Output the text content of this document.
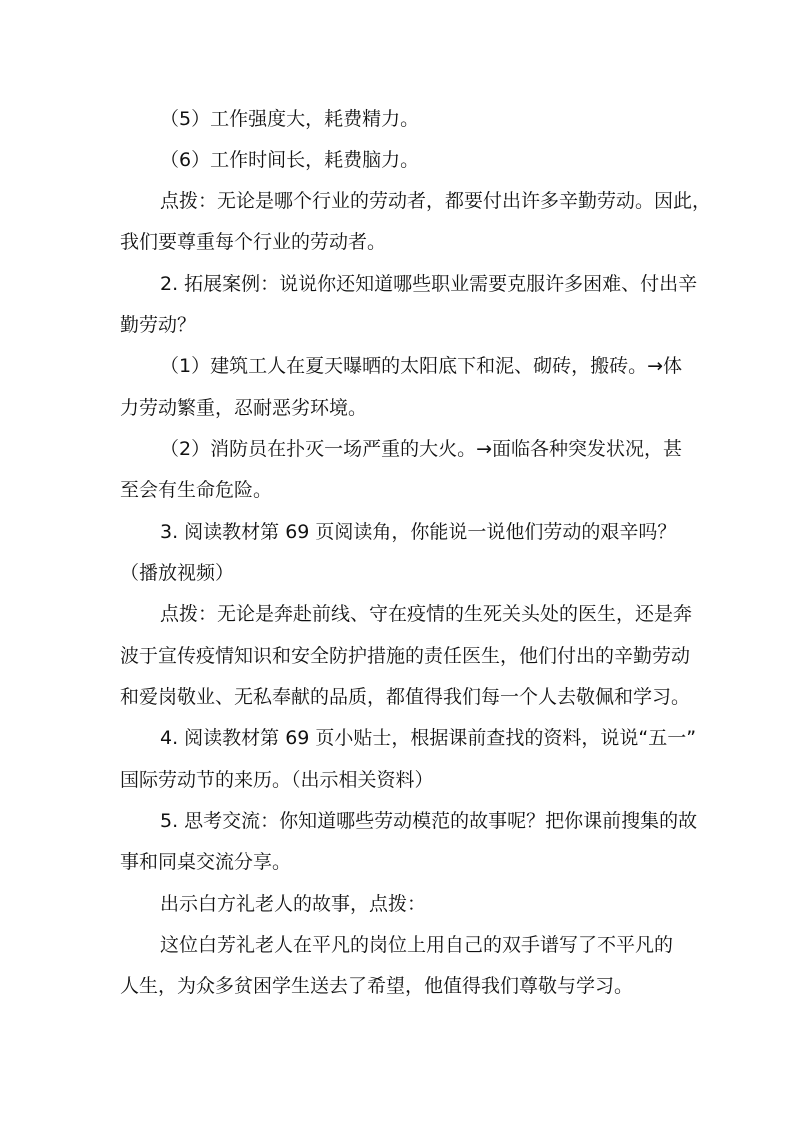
（5）工作强度大，耗费精力。
（6）工作时间长，耗费脑力。
点拨：无论是哪个行业的劳动者，都要付出许多辛勤劳动。因此，
我们要尊重每个行业的劳动者。
2. 拓展案例：说说你还知道哪些职业需要克服许多困难、付出辛
勤劳动？
（1）建筑工人在夏天曝晒的太阳底下和泥、砌砖，搬砖。→体
力劳动繁重，忍耐恶劣环境。
（2）消防员在扑灭一场严重的大火。→面临各种突发状况，甚
至会有生命危险。
3. 阅读教材第 69 页阅读角，你能说一说他们劳动的艰辛吗？
（播放视频）
点拨：无论是奔赴前线、守在疫情的生死关头处的医生，还是奔
波于宣传疫情知识和安全防护措施的责任医生，他们付出的辛勤劳动
和爱岗敬业、无私奉献的品质，都值得我们每一个人去敬佩和学习。
4. 阅读教材第 69 页小贴士，根据课前查找的资料，说说“五一”
国际劳动节的来历。（出示相关资料）
5. 思考交流：你知道哪些劳动模范的故事呢？把你课前搜集的故
事和同桌交流分享。
出示白方礼老人的故事，点拨：
这位白芳礼老人在平凡的岗位上用自己的双手谱写了不平凡的
人生，为众多贫困学生送去了希望，他值得我们尊敬与学习。
